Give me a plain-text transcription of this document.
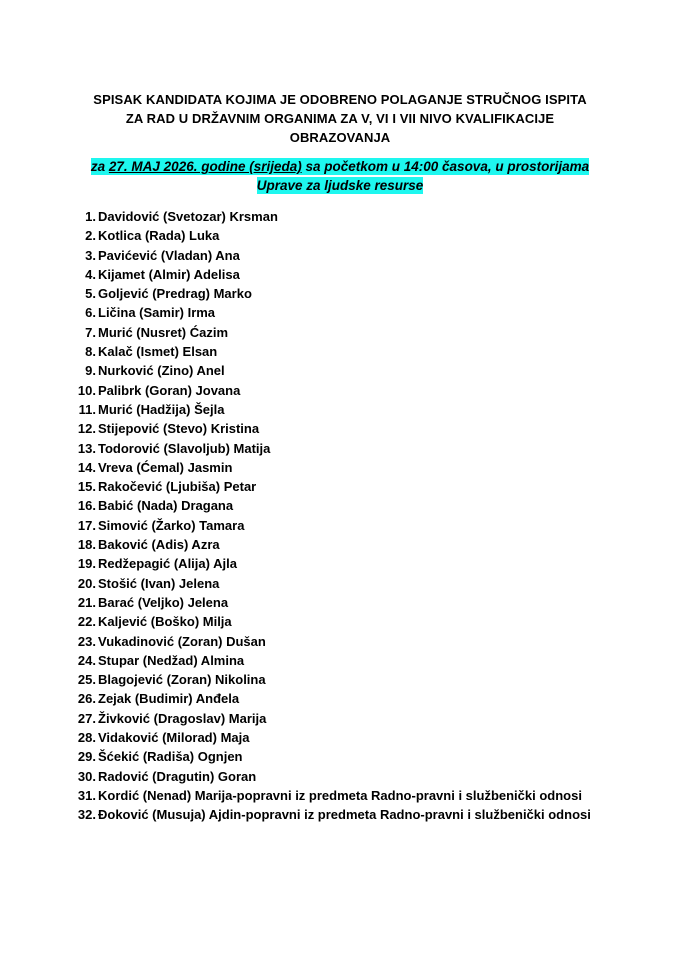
SPISAK KANDIDATA KOJIMA JE ODOBRENO POLAGANJE STRUČNOG ISPITA
ZA RAD U DRŽAVNIM ORGANIMA ZA V, VI I VII NIVO KVALIFIKACIJE
OBRAZOVANJA
za 27. MAJ 2026. godine (srijeda) sa početkom u 14:00 časova, u prostorijama
Uprave za ljudske resurse
1. Davidović (Svetozar) Krsman
2. Kotlica (Rada) Luka
3. Pavićević (Vladan) Ana
4. Kijamet (Almir) Adelisa
5. Goljević (Predrag) Marko
6. Ličina (Samir) Irma
7. Murić (Nusret) Ćazim
8. Kalač (Ismet) Elsan
9. Nurković (Zino) Anel
10. Palibrk (Goran) Jovana
11. Murić (Hadžija) Šejla
12. Stijepović (Stevo) Kristina
13. Todorović (Slavoljub) Matija
14. Vreva (Ćemal) Jasmin
15. Rakočević (Ljubiša) Petar
16. Babić (Nada) Dragana
17. Simović (Žarko) Tamara
18. Baković (Adis) Azra
19. Redžepagić (Alija) Ajla
20. Stošić (Ivan) Jelena
21. Barać (Veljko) Jelena
22. Kaljević (Boško) Milja
23. Vukadinović (Zoran) Dušan
24. Stupar (Nedžad) Almina
25. Blagojević (Zoran) Nikolina
26. Zejak (Budimir) Anđela
27. Živković (Dragoslav) Marija
28. Vidaković (Milorad) Maja
29. Šćekić (Radiša) Ognjen
30. Radović (Dragutin) Goran
31. Kordić (Nenad) Marija-popravni iz predmeta Radno-pravni i službenički odnosi
32. Đoković (Musuja) Ajdin-popravni iz predmeta Radno-pravni i službenički odnosi
